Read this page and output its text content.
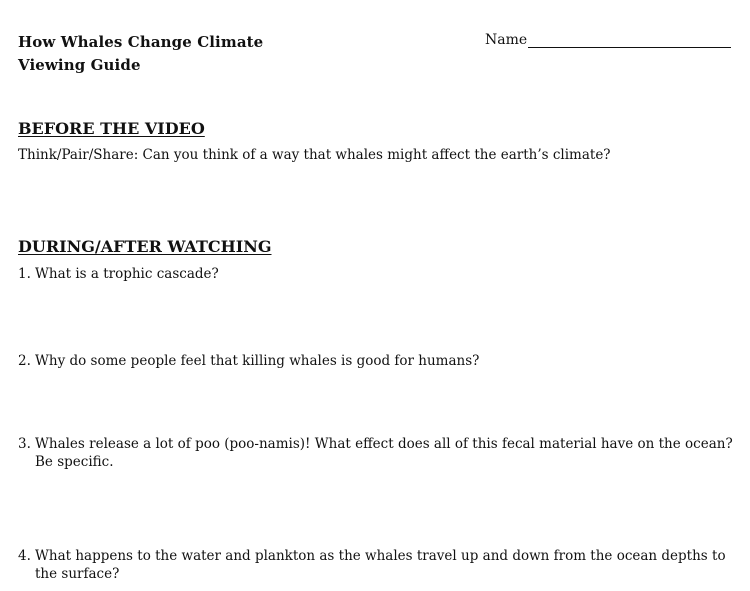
How Whales Change Climate
Viewing Guide
Name
BEFORE THE VIDEO
Think/Pair/Share: Can you think of a way that whales might affect the earth’s climate?
DURING/AFTER WATCHING
1. What is a trophic cascade?
2. Why do some people feel that killing whales is good for humans?
3. Whales release a lot of poo (poo-namis)! What effect does all of this fecal material have on the ocean? Be specific.
4. What happens to the water and plankton as the whales travel up and down from the ocean depths to the surface?
